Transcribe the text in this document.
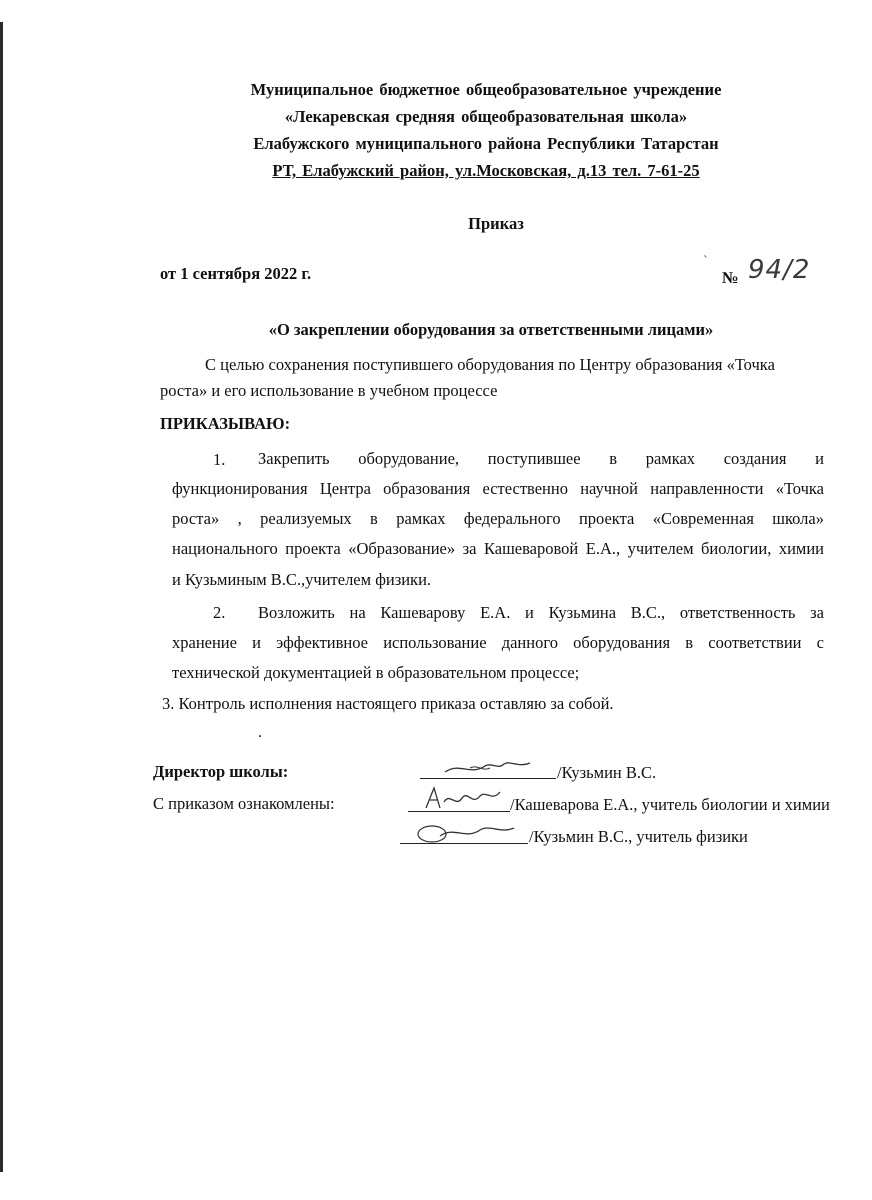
Муниципальное бюджетное общеобразовательное учреждение
«Лекаревская средняя общеобразовательная школа»
Елабужского муниципального района Республики Татарстан
РТ, Елабужский район, ул.Московская, д.13 тел. 7-61-25
Приказ
от 1 сентября 2022 г.
`
№ 94/2
«О закреплении оборудования за ответственными лицами»
С целью сохранения поступившего оборудования по Центру образования «Точка
роста» и его использование в учебном процессе
ПРИКАЗЫВАЮ:
1. Закрепить оборудование, поступившее в рамках создания и
функционирования Центра образования естественно научной направленности «Точка
роста» , реализуемых в рамках федерального проекта «Современная школа»
национального проекта «Образование» за Кашеваровой Е.А., учителем биологии, химии
и Кузьминым В.С.,учителем физики.
2. Возложить на Кашеварову Е.А. и Кузьмина В.С., ответственность за
хранение и эффективное использование данного оборудования в соответствии с
технической документацией в образовательном процессе;
3. Контроль исполнения настоящего приказа оставляю за собой.
.
Директор школы:	/Кузьмин В.С.
С приказом ознакомлены:	/Кашеварова Е.А., учитель биологии и химии
/Кузьмин В.С., учитель физики
